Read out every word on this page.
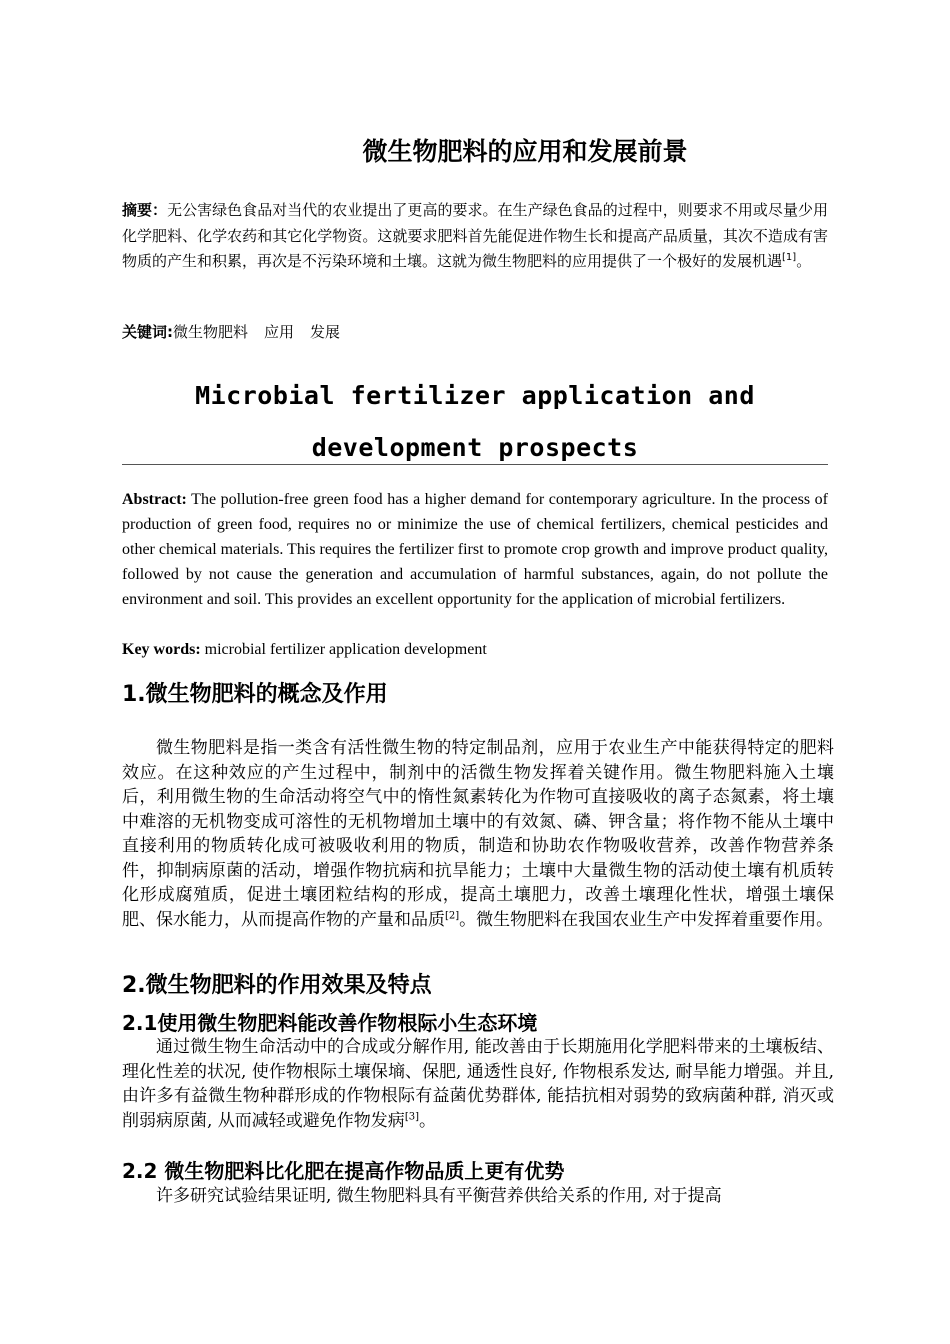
微生物肥料的应用和发展前景
摘要：无公害绿色食品对当代的农业提出了更高的要求。在生产绿色食品的过程中，则要求不用或尽量少用化学肥料、化学农药和其它化学物资。这就要求肥料首先能促进作物生长和提高产品质量，其次不造成有害物质的产生和积累，再次是不污染环境和土壤。这就为微生物肥料的应用提供了一个极好的发展机遇[1]。
关键词:微生物肥料 应用 发展
Microbial fertilizer application and development prospects
Abstract: The pollution-free green food has a higher demand for contemporary agriculture. In the process of production of green food, requires no or minimize the use of chemical fertilizers, chemical pesticides and other chemical materials. This requires the fertilizer first to promote crop growth and improve product quality, followed by not cause the generation and accumulation of harmful substances, again, do not pollute the environment and soil. This provides an excellent opportunity for the application of microbial fertilizers.
Key words: microbial fertilizer application development
1.微生物肥料的概念及作用
微生物肥料是指一类含有活性微生物的特定制品剂，应用于农业生产中能获得特定的肥料效应。在这种效应的产生过程中，制剂中的活微生物发挥着关键作用。微生物肥料施入土壤后，利用微生物的生命活动将空气中的惰性氮素转化为作物可直接吸收的离子态氮素，将土壤中难溶的无机物变成可溶性的无机物增加土壤中的有效氮、磷、钾含量；将作物不能从土壤中直接利用的物质转化成可被吸收利用的物质，制造和协助农作物吸收营养，改善作物营养条件，抑制病原菌的活动，增强作物抗病和抗旱能力；土壤中大量微生物的活动使土壤有机质转化形成腐殖质，促进土壤团粒结构的形成，提高土壤肥力，改善土壤理化性状，增强土壤保肥、保水能力，从而提高作物的产量和品质[2]。微生物肥料在我国农业生产中发挥着重要作用。
2.微生物肥料的作用效果及特点
2.1使用微生物肥料能改善作物根际小生态环境
通过微生物生命活动中的合成或分解作用, 能改善由于长期施用化学肥料带来的土壤板结、理化性差的状况, 使作物根际土壤保墒、保肥, 通透性良好, 作物根系发达, 耐旱能力增强。并且, 由许多有益微生物种群形成的作物根际有益菌优势群体, 能拮抗相对弱势的致病菌种群, 消灭或削弱病原菌, 从而减轻或避免作物发病[3]。
2.2 微生物肥料比化肥在提高作物品质上更有优势
许多研究试验结果证明, 微生物肥料具有平衡营养供给关系的作用, 对于提高
